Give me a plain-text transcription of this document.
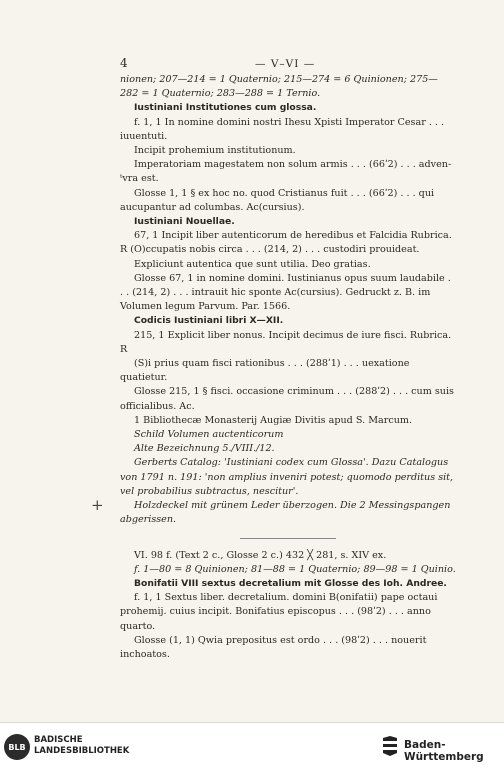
4	— V–VI —
+

nionen; 207—214 = 1 Quaternio; 215—274 = 6 Quinionen; 275—282 = 1 Quaternio; 283—288 = 1 Ternio.

Iustiniani Institutiones cum glossa.

f. 1, 1 In nomine domini nostri Ihesu Xpisti Imperator Cesar . . . iuuentuti.

Incipit prohemium institutionum.

Imperatoriam magestatem non solum armis . . . (66ʹ2) . . . adven-ᵗvra est.

Glosse 1, 1 § ex hoc no. quod Cristianus fuit . . . (66ʹ2) . . . qui aucupantur ad columbas. Ac(cursius).

Iustiniani Nouellae.

67, 1 Incipit liber autenticorum de heredibus et Falcidia Rubrica. R (O)ccupatis nobis circa . . . (214, 2) . . . custodiri prouideat.

Expliciunt autentica que sunt utilia. Deo gratias.

Glosse 67, 1 in nomine domini. Iustinianus opus suum laudabile . . . (214, 2) . . . intrauit hic sponte Ac(cursius). Gedruckt z. B. im Volumen legum Parvum. Par. 1566.

Codicis Iustiniani libri X—XII.

215, 1 Explicit liber nonus. Incipit decimus de iure fisci. Rubrica. R

(S)i prius quam fisci rationibus . . . (288ʹ1) . . . uexatione quatietur.

Glosse 215, 1 § fisci. occasione criminum . . . (288ʹ2) . . . cum suis officialibus. Ac.

1 Bibliothecæ Monasterij Augiæ Divitis apud S. Marcum.

Schild Volumen auctenticorum

Alte Bezeichnung 5./VIII./12.

Gerberts Catalog: 'Iustiniani codex cum Glossa'. Dazu Catalogus von 1791 n. 191: 'non amplius inveniri potest; quomodo perditus sit, vel probabilius subtractus, nescitur'.

Holzdeckel mit grünem Leder überzogen. Die 2 Messingspangen abgerissen.

VI. 98 f. (Text 2 c., Glosse 2 c.) 432 ╳ 281, s. XIV ex.

f. 1—80 = 8 Quinionen; 81—88 = 1 Quaternio; 89—98 = 1 Quinio.

Bonifatii VIII sextus decretalium mit Glosse des Ioh. Andree.

f. 1, 1 Sextus liber. decretalium. domini B(onifatii) pape octaui prohemij. cuius incipit. Bonifatius episcopus . . . (98ʹ2) . . . anno quarto.

Glosse (1, 1) Qwia prepositus est ordo . . . (98ʹ2) . . . nouerit inchoatos.

BLB
BADISCHE
LANDESBIBLIOTHEK	Baden-Württemberg
